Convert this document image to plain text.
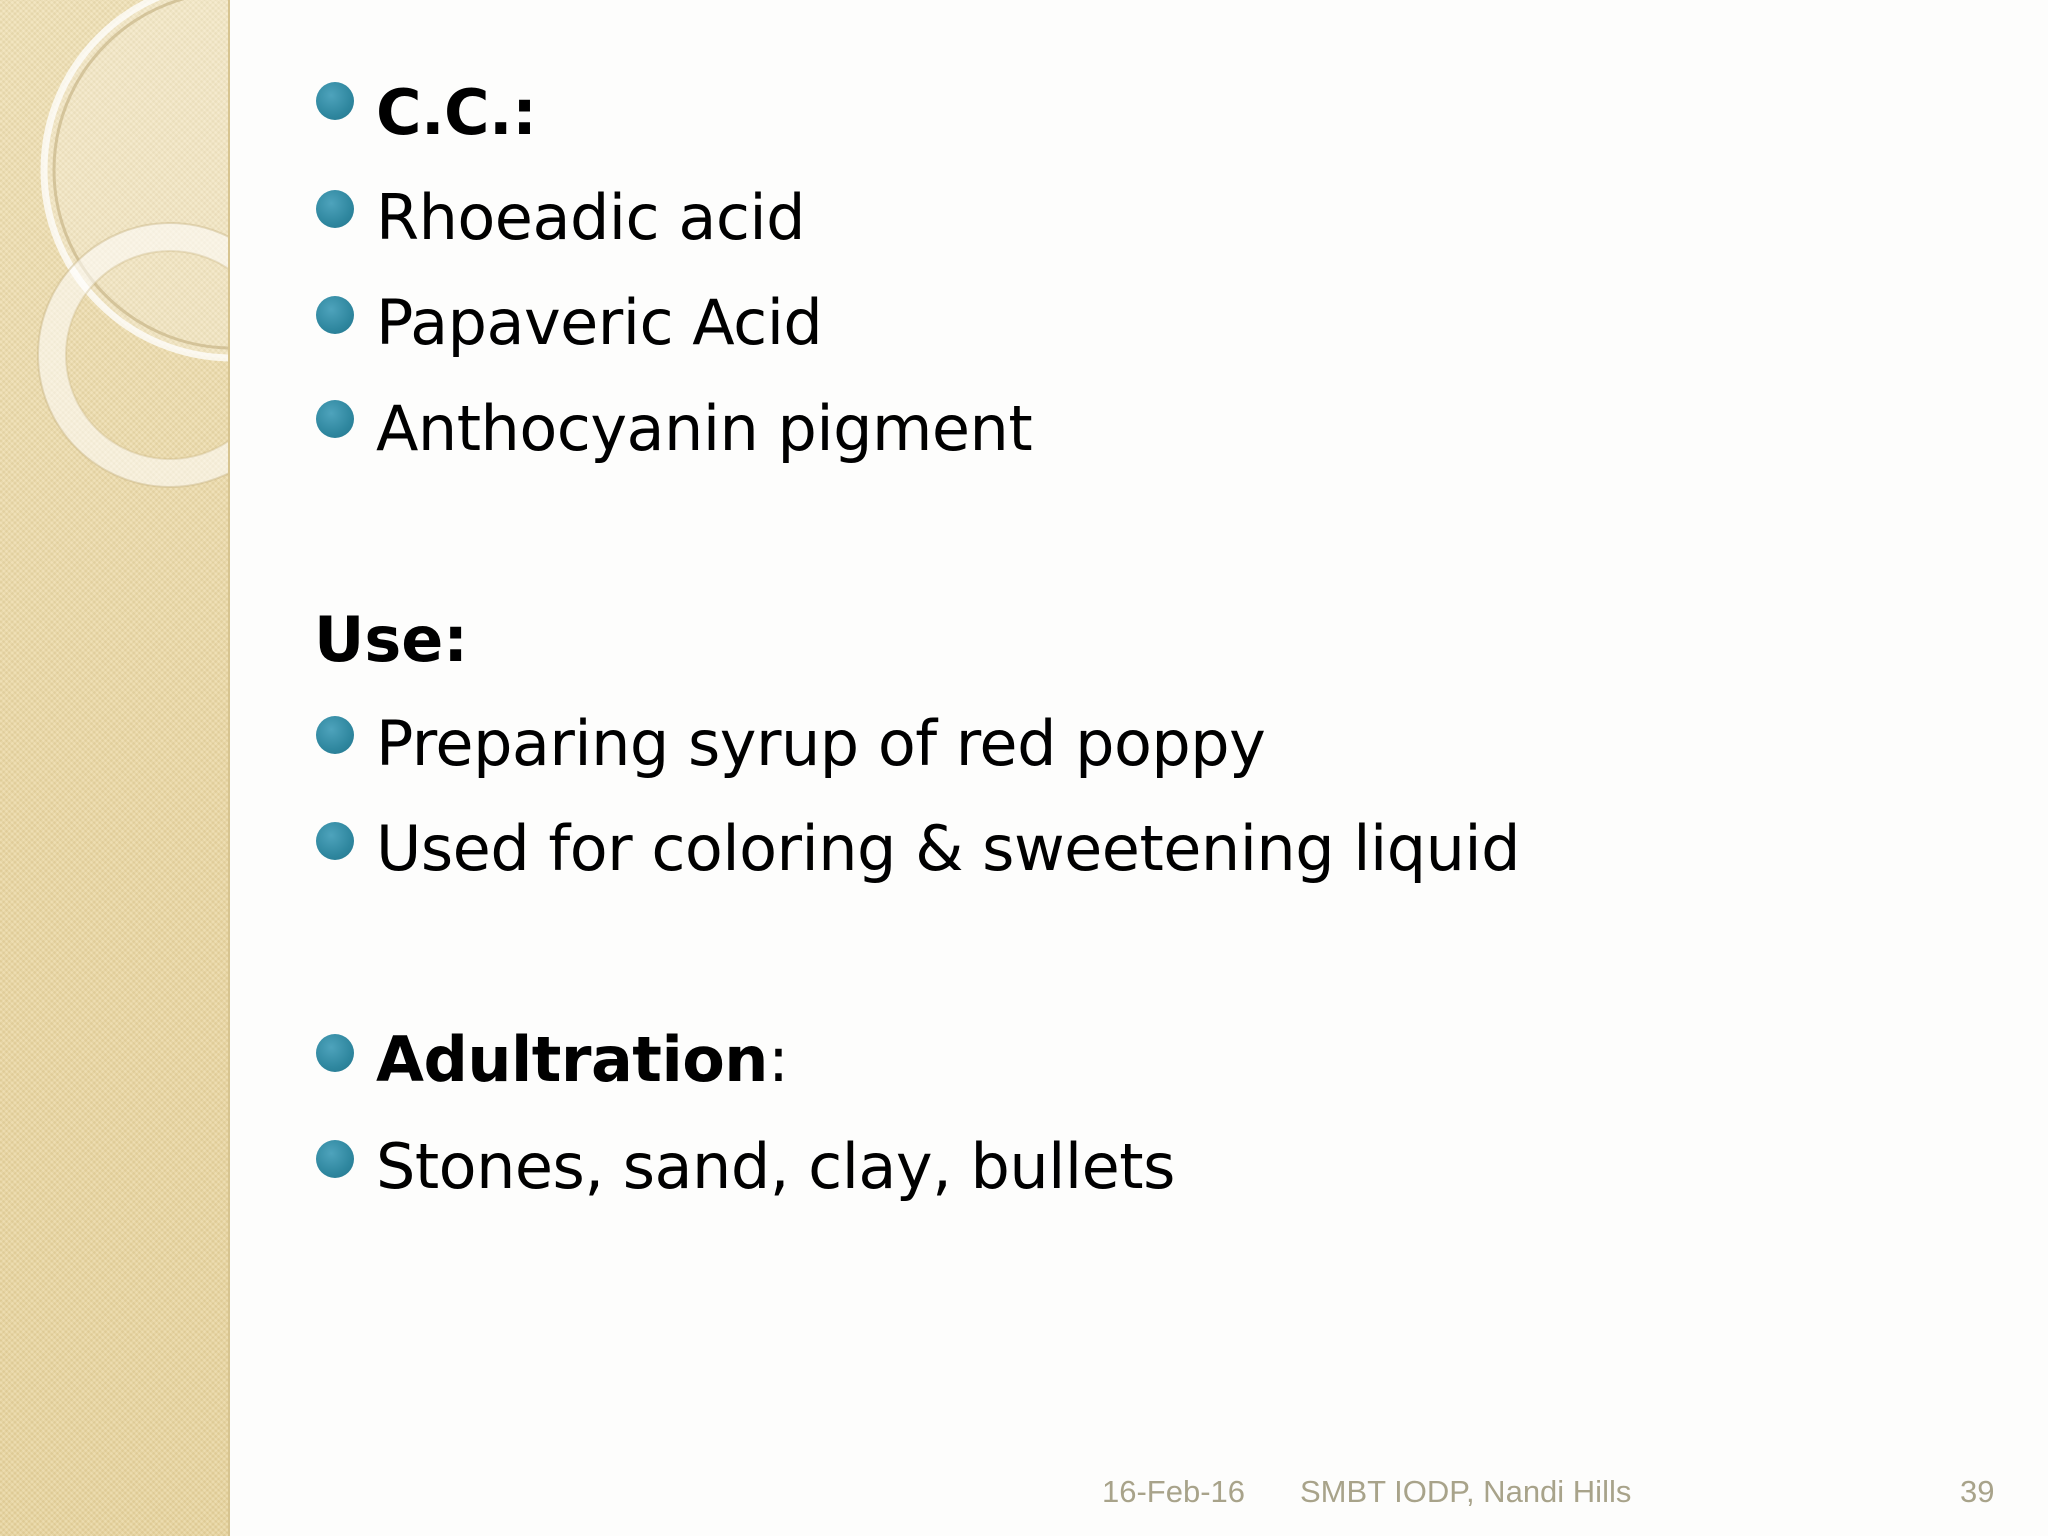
C.C.:
Rhoeadic acid
Papaveric Acid
Anthocyanin pigment
Use:
Preparing syrup of red poppy
Used for coloring & sweetening liquid
Adultration:
Stones, sand, clay, bullets
16-Feb-16 SMBT IODP, Nandi Hills	39
